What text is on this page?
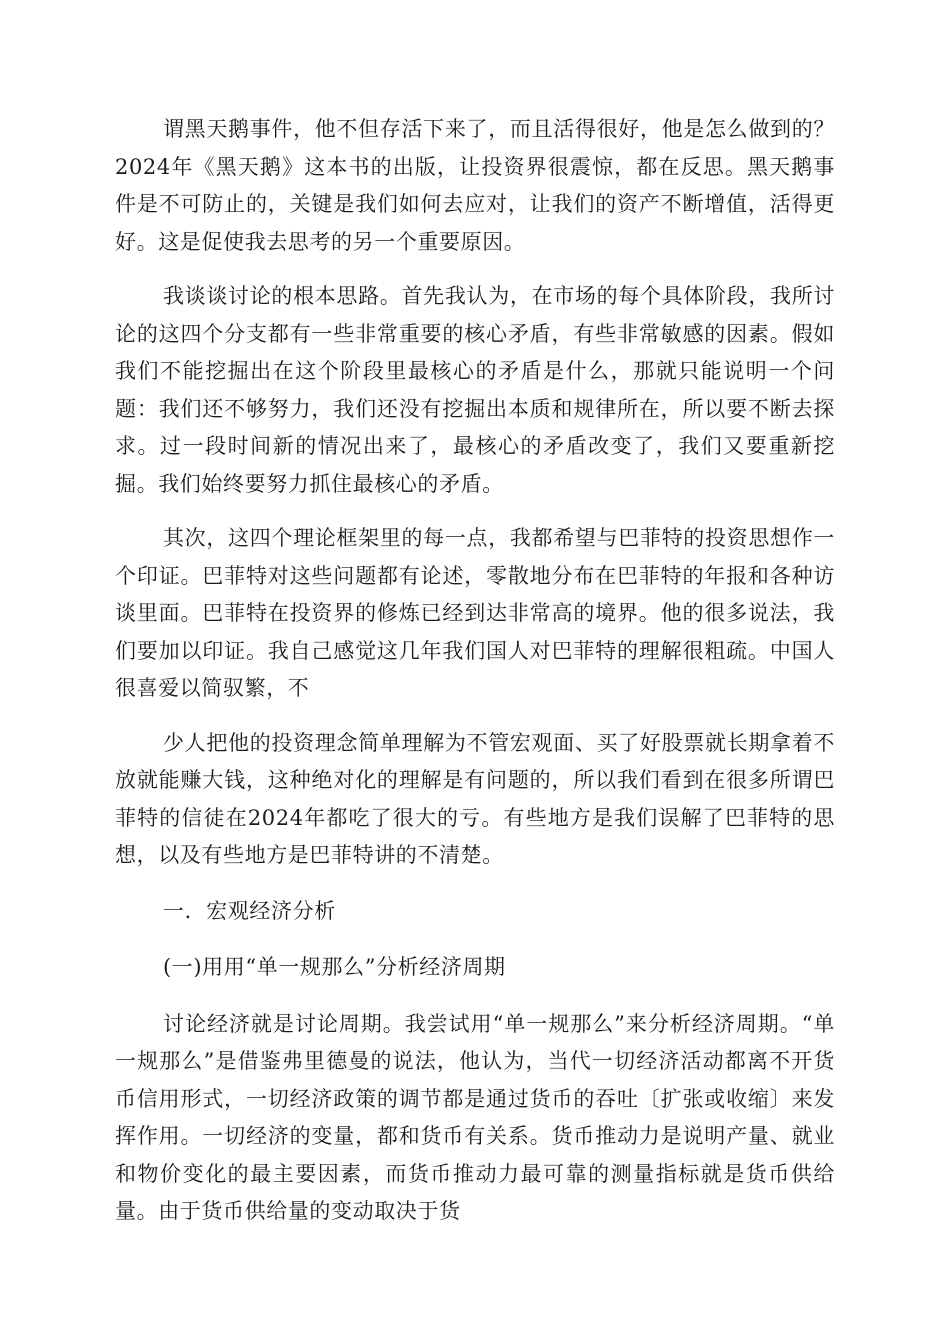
谓黑天鹅事件，他不但存活下来了，而且活得很好，他是怎么做到的？2024年《黑天鹅》这本书的出版，让投资界很震惊，都在反思。黑天鹅事件是不可防止的，关键是我们如何去应对，让我们的资产不断增值，活得更好。这是促使我去思考的另一个重要原因。

我谈谈讨论的根本思路。首先我认为，在市场的每个具体阶段，我所讨论的这四个分支都有一些非常重要的核心矛盾，有些非常敏感的因素。假如我们不能挖掘出在这个阶段里最核心的矛盾是什么，那就只能说明一个问题：我们还不够努力，我们还没有挖掘出本质和规律所在，所以要不断去探求。过一段时间新的情况出来了，最核心的矛盾改变了，我们又要重新挖掘。我们始终要努力抓住最核心的矛盾。

其次，这四个理论框架里的每一点，我都希望与巴菲特的投资思想作一个印证。巴菲特对这些问题都有论述，零散地分布在巴菲特的年报和各种访谈里面。巴菲特在投资界的修炼已经到达非常高的境界。他的很多说法，我们要加以印证。我自己感觉这几年我们国人对巴菲特的理解很粗疏。中国人很喜爱以简驭繁，不

少人把他的投资理念简单理解为不管宏观面、买了好股票就长期拿着不放就能赚大钱，这种绝对化的理解是有问题的，所以我们看到在很多所谓巴菲特的信徒在2024年都吃了很大的亏。有些地方是我们误解了巴菲特的思想，以及有些地方是巴菲特讲的不清楚。

一．宏观经济分析

(一)用用“单一规那么”分析经济周期

讨论经济就是讨论周期。我尝试用“单一规那么”来分析经济周期。“单一规那么”是借鉴弗里德曼的说法，他认为，当代一切经济活动都离不开货币信用形式，一切经济政策的调节都是通过货币的吞吐〔扩张或收缩〕来发挥作用。一切经济的变量，都和货币有关系。货币推动力是说明产量、就业和物价变化的最主要因素，而货币推动力最可靠的测量指标就是货币供给量。由于货币供给量的变动取决于货
